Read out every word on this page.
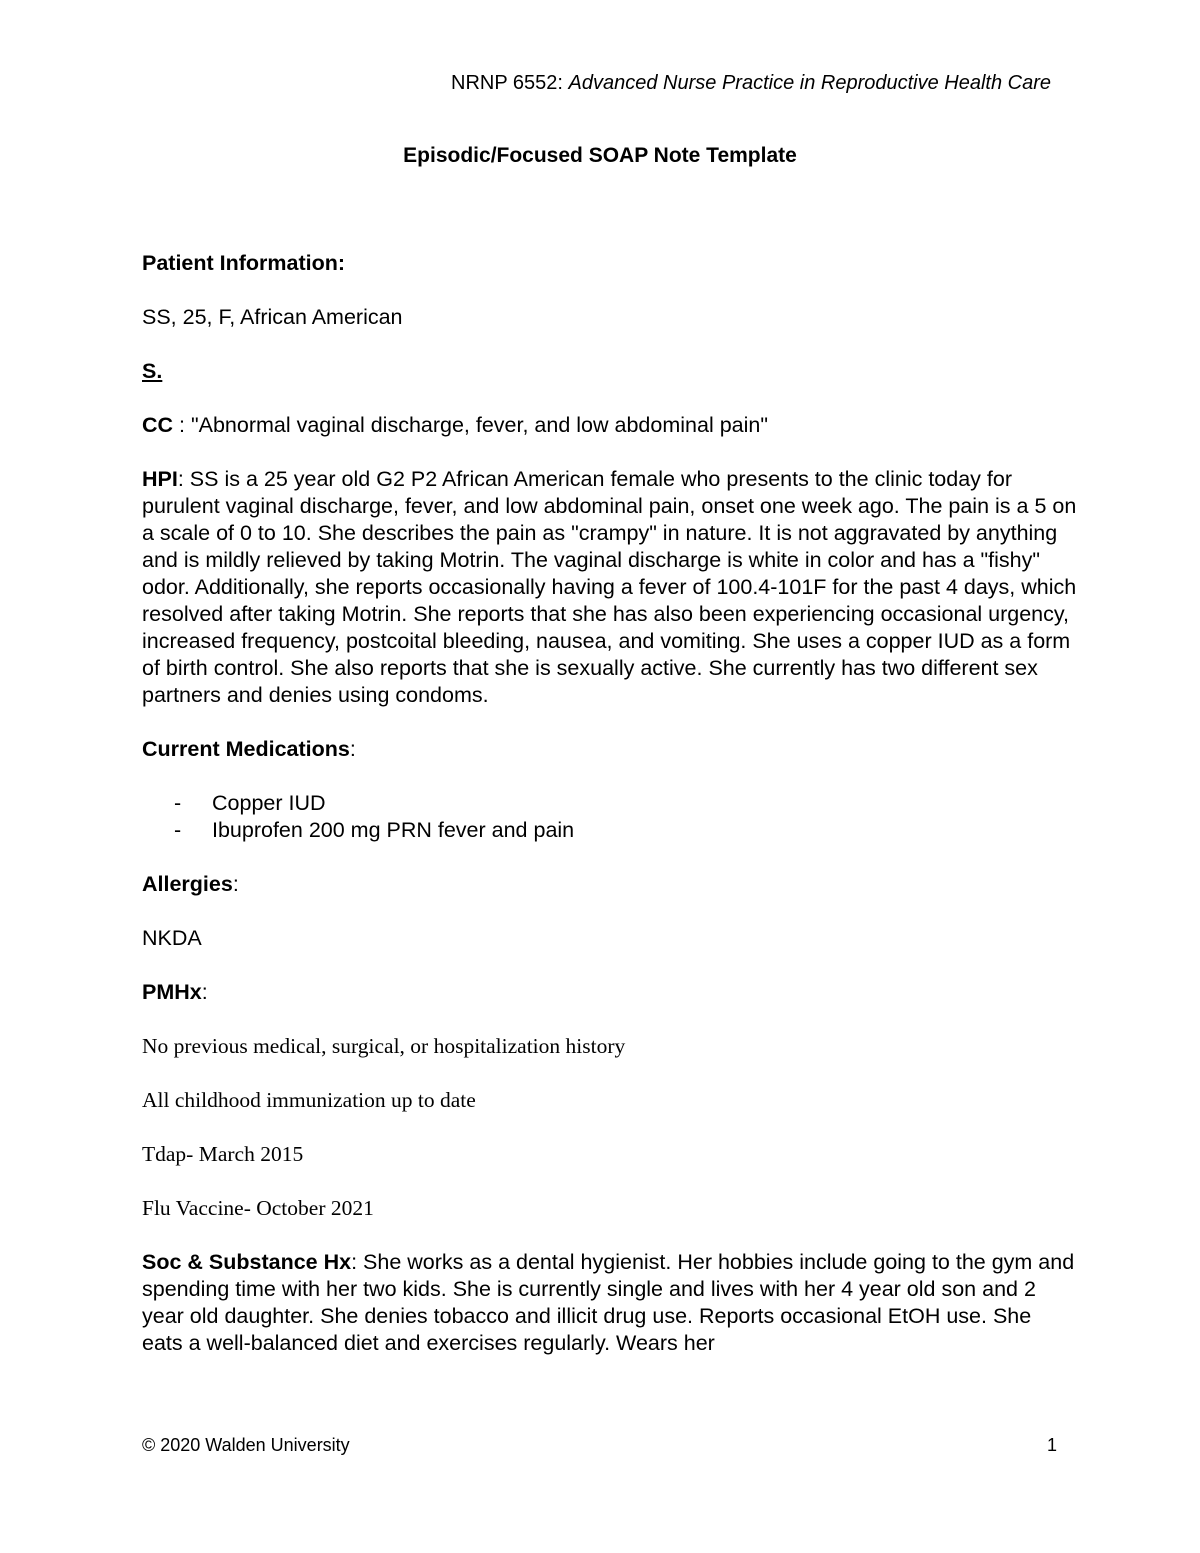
NRNP 6552: Advanced Nurse Practice in Reproductive Health Care
Episodic/Focused SOAP Note Template

Patient Information:

SS, 25, F, African American

S.

CC : "Abnormal vaginal discharge, fever, and low abdominal pain"

HPI: SS is a 25 year old G2 P2 African American female who presents to the clinic today for purulent vaginal discharge, fever, and low abdominal pain, onset one week ago. The pain is a 5 on a scale of 0 to 10. She describes the pain as "crampy" in nature. It is not aggravated by anything and is mildly relieved by taking Motrin. The vaginal discharge is white in color and has a "fishy" odor. Additionally, she reports occasionally having a fever of 100.4-101F for the past 4 days, which resolved after taking Motrin. She reports that she has also been experiencing occasional urgency, increased frequency, postcoital bleeding, nausea, and vomiting. She uses a copper IUD as a form of birth control. She also reports that she is sexually active. She currently has two different sex partners and denies using condoms.

Current Medications:

- Copper IUD
- Ibuprofen 200 mg PRN fever and pain

Allergies:

NKDA

PMHx:

No previous medical, surgical, or hospitalization history

All childhood immunization up to date

Tdap- March 2015

Flu Vaccine- October 2021

Soc & Substance Hx: She works as a dental hygienist. Her hobbies include going to the gym and spending time with her two kids. She is currently single and lives with her 4 year old son and 2 year old daughter. She denies tobacco and illicit drug use. Reports occasional EtOH use. She eats a well-balanced diet and exercises regularly. Wears her

© 2020 Walden University	1
